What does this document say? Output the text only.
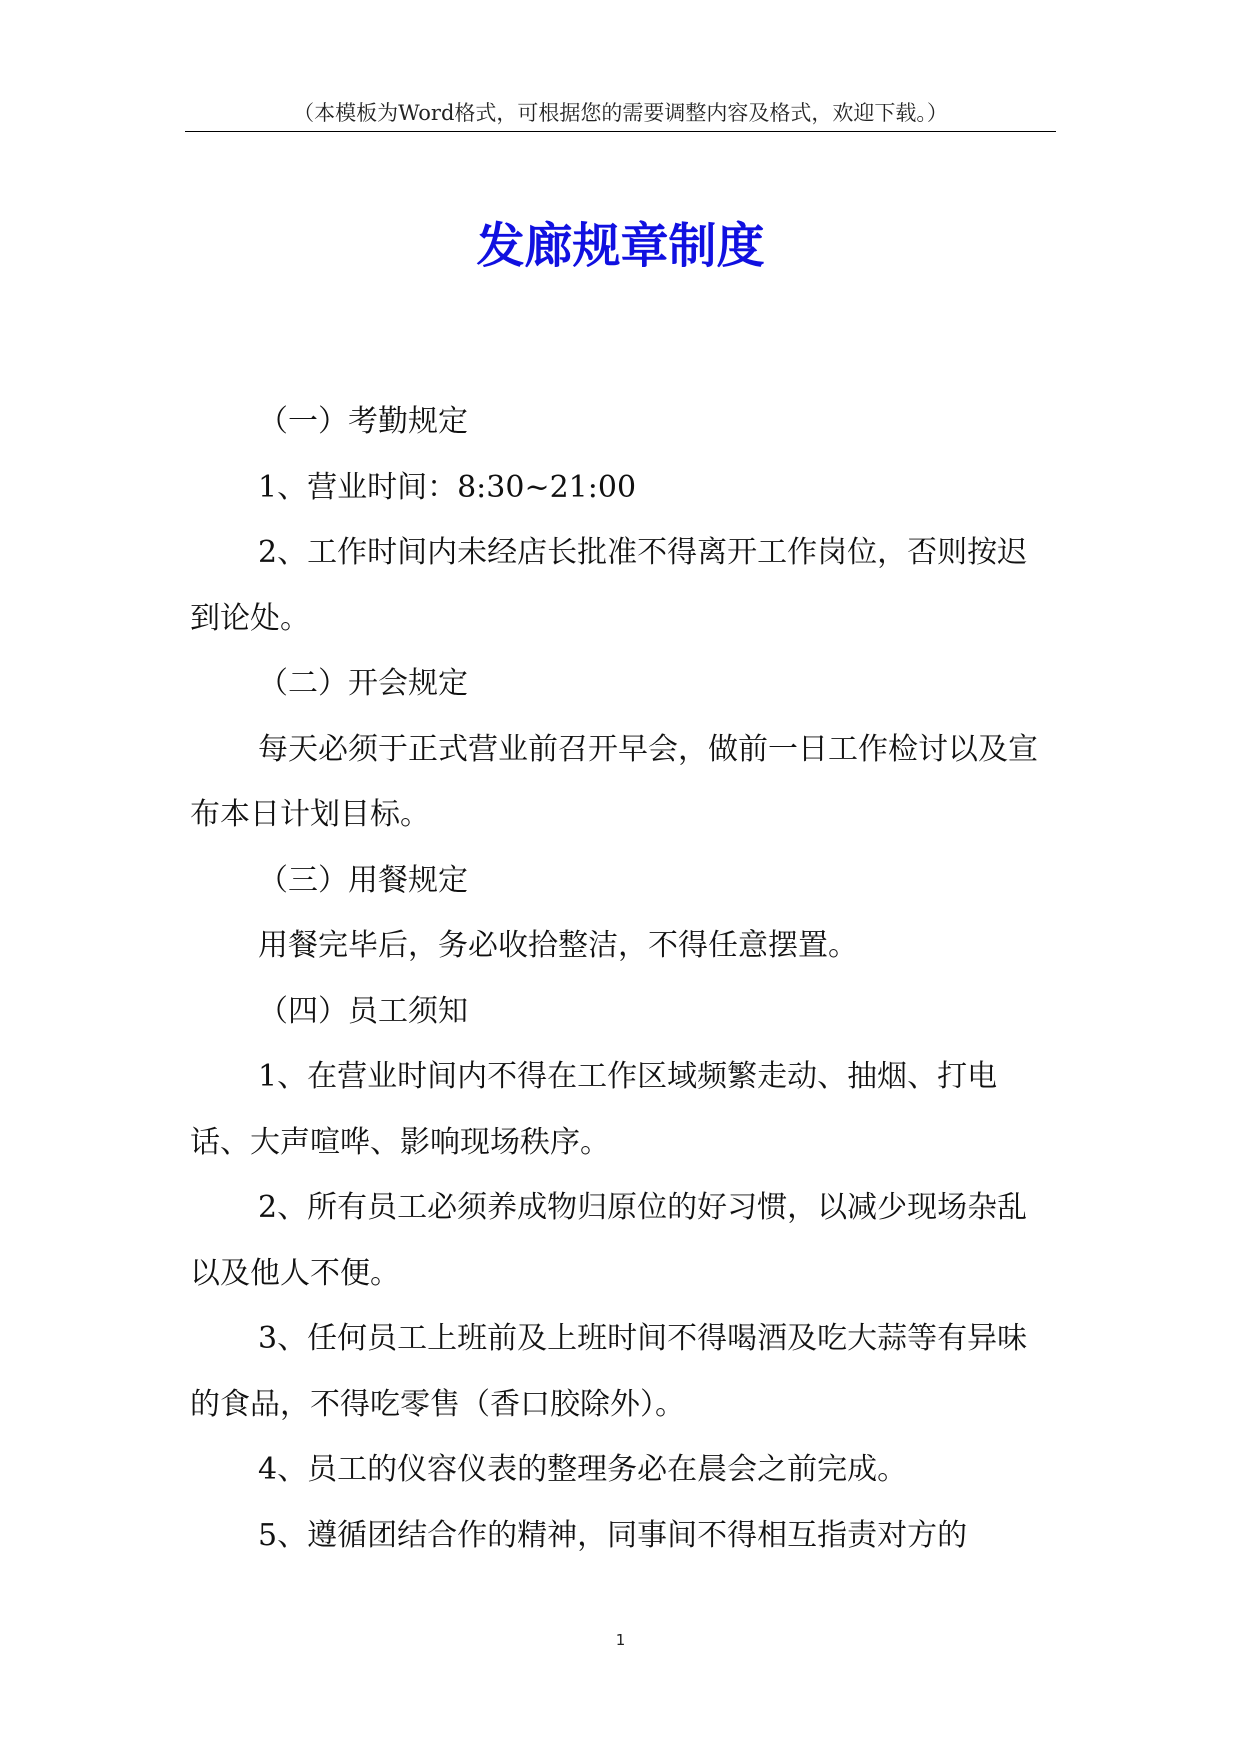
（本模板为Word格式，可根据您的需要调整内容及格式，欢迎下载。）
发廊规章制度

（一）考勤规定

1、营业时间：8:30~21:00

2、工作时间内未经店长批准不得离开工作岗位，否则按迟到论处。

（二）开会规定

每天必须于正式营业前召开早会，做前一日工作检讨以及宣布本日计划目标。

（三）用餐规定

用餐完毕后，务必收拾整洁，不得任意摆置。

（四）员工须知

1、在营业时间内不得在工作区域频繁走动、抽烟、打电话、大声喧哗、影响现场秩序。

2、所有员工必须养成物归原位的好习惯，以减少现场杂乱以及他人不便。

3、任何员工上班前及上班时间不得喝酒及吃大蒜等有异味的食品，不得吃零售（香口胶除外）。

4、员工的仪容仪表的整理务必在晨会之前完成。

5、遵循团结合作的精神，同事间不得相互指责对方的

1
